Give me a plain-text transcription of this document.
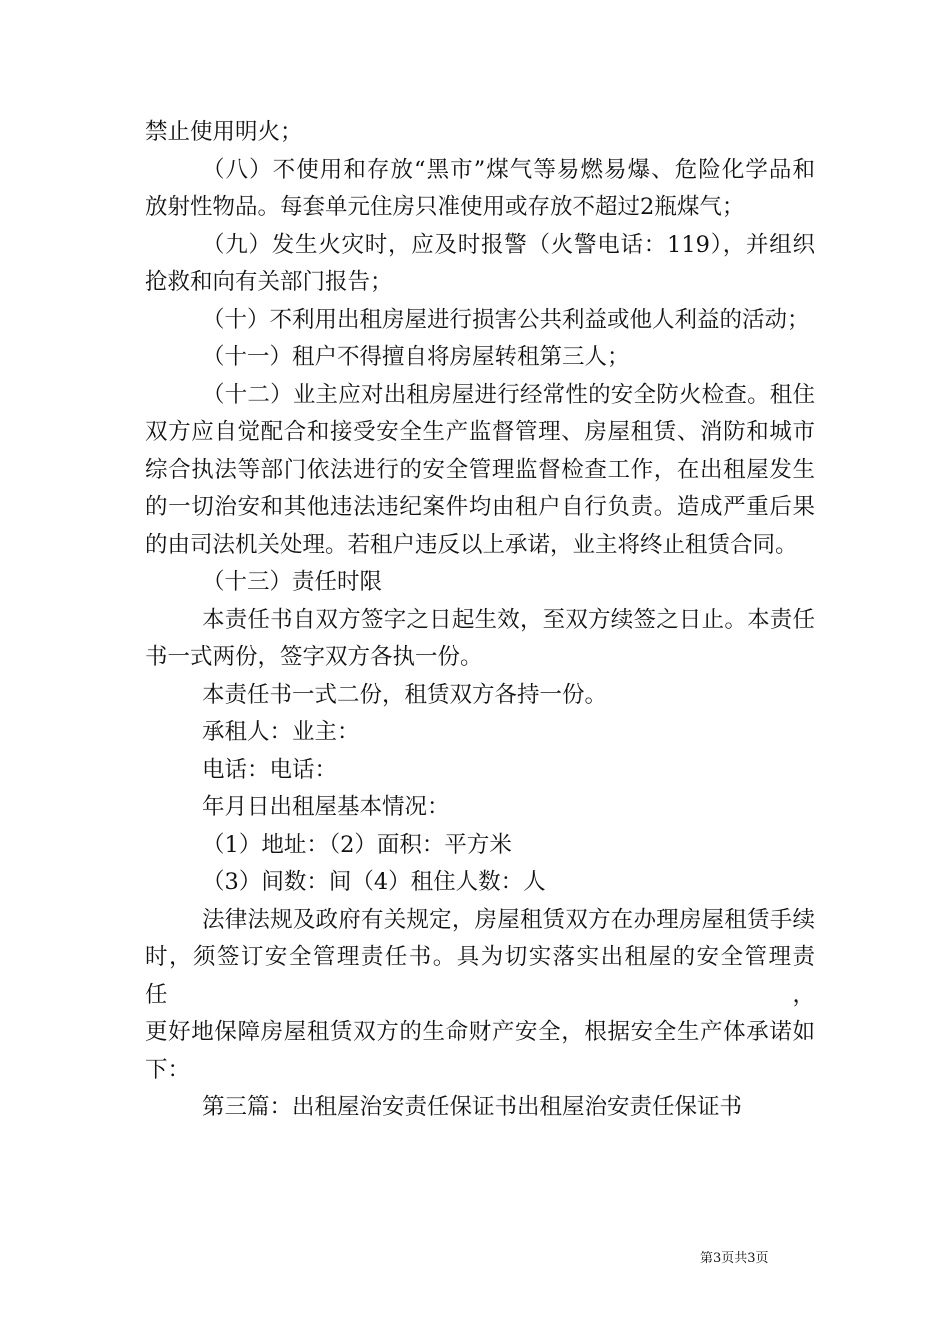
禁止使用明火；

（八）不使用和存放“黑市”煤气等易燃易爆、危险化学品和

放射性物品。每套单元住房只准使用或存放不超过2瓶煤气；

（九）发生火灾时，应及时报警（火警电话：119），并组织

抢救和向有关部门报告；

（十）不利用出租房屋进行损害公共利益或他人利益的活动；

（十一）租户不得擅自将房屋转租第三人；

（十二）业主应对出租房屋进行经常性的安全防火检查。租住

双方应自觉配合和接受安全生产监督管理、房屋租赁、消防和城市

综合执法等部门依法进行的安全管理监督检查工作，在出租屋发生

的一切治安和其他违法违纪案件均由租户自行负责。造成严重后果

的由司法机关处理。若租户违反以上承诺，业主将终止租赁合同。

（十三）责任时限

本责任书自双方签字之日起生效，至双方续签之日止。本责任

书一式两份，签字双方各执一份。

本责任书一式二份，租赁双方各持一份。

承租人：业主：

电话：电话：

年月日出租屋基本情况：

（1）地址：（2）面积：平方米

（3）间数：间（4）租住人数：人

法律法规及政府有关规定，房屋租赁双方在办理房屋租赁手续

时，须签订安全管理责任书。具为切实落实出租屋的安全管理责任，

更好地保障房屋租赁双方的生命财产安全，根据安全生产体承诺如

下：

第三篇：出租屋治安责任保证书出租屋治安责任保证书

第3页共3页
